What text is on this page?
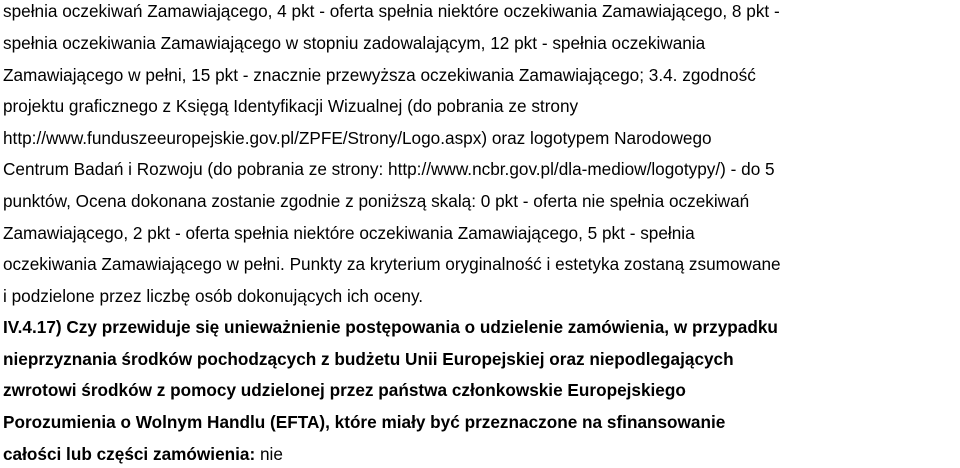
spełnia oczekiwań Zamawiającego, 4 pkt - oferta spełnia niektóre oczekiwania Zamawiającego, 8 pkt -
spełnia oczekiwania Zamawiającego w stopniu zadowalającym, 12 pkt - spełnia oczekiwania
Zamawiającego w pełni, 15 pkt - znacznie przewyższa oczekiwania Zamawiającego; 3.4. zgodność
projektu graficznego z Księgą Identyfikacji Wizualnej (do pobrania ze strony
http://www.funduszeeuropejskie.gov.pl/ZPFE/Strony/Logo.aspx) oraz logotypem Narodowego
Centrum Badań i Rozwoju (do pobrania ze strony: http://www.ncbr.gov.pl/dla-mediow/logotypy/) - do 5
punktów, Ocena dokonana zostanie zgodnie z poniższą skalą: 0 pkt - oferta nie spełnia oczekiwań
Zamawiającego, 2 pkt - oferta spełnia niektóre oczekiwania Zamawiającego, 5 pkt - spełnia
oczekiwania Zamawiającego w pełni. Punkty za kryterium oryginalność i estetyka zostaną zsumowane
i podzielone przez liczbę osób dokonujących ich oceny.
IV.4.17) Czy przewiduje się unieważnienie postępowania o udzielenie zamówienia, w przypadku
nieprzyznania środków pochodzących z budżetu Unii Europejskiej oraz niepodlegających
zwrotowi środków z pomocy udzielonej przez państwa członkowskie Europejskiego
Porozumienia o Wolnym Handlu (EFTA), które miały być przeznaczone na sfinansowanie
całości lub części zamówienia: nie
